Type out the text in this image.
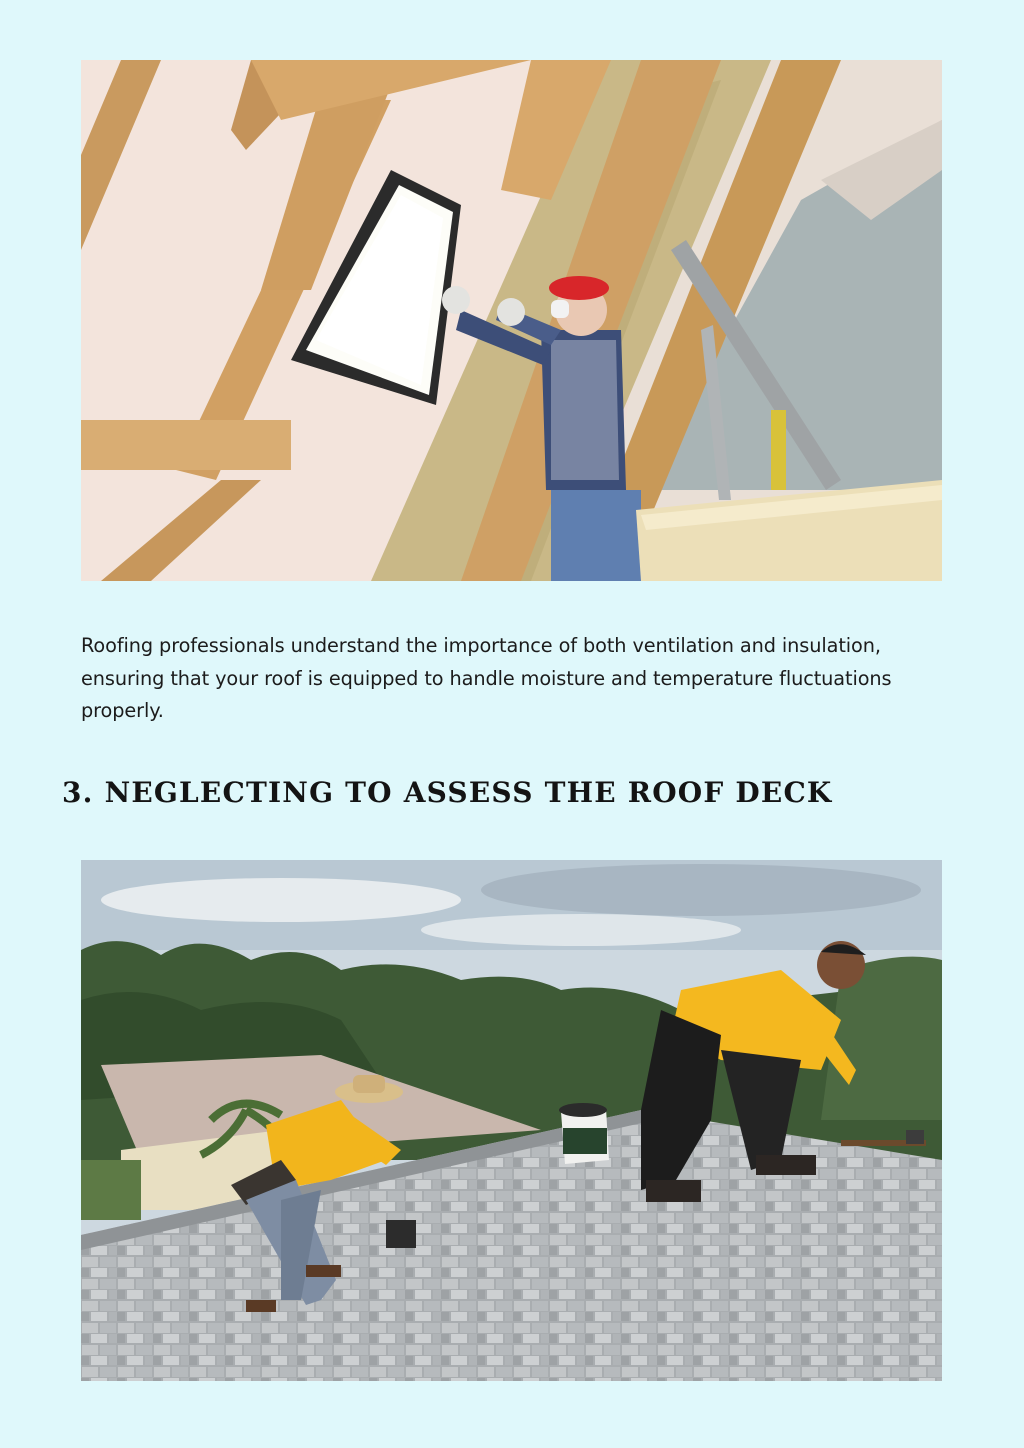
Roofing professionals understand the importance of both ventilation and insulation, ensuring that your roof is equipped to handle moisture and temperature fluctuations properly.

3. NEGLECTING TO ASSESS THE ROOF DECK
